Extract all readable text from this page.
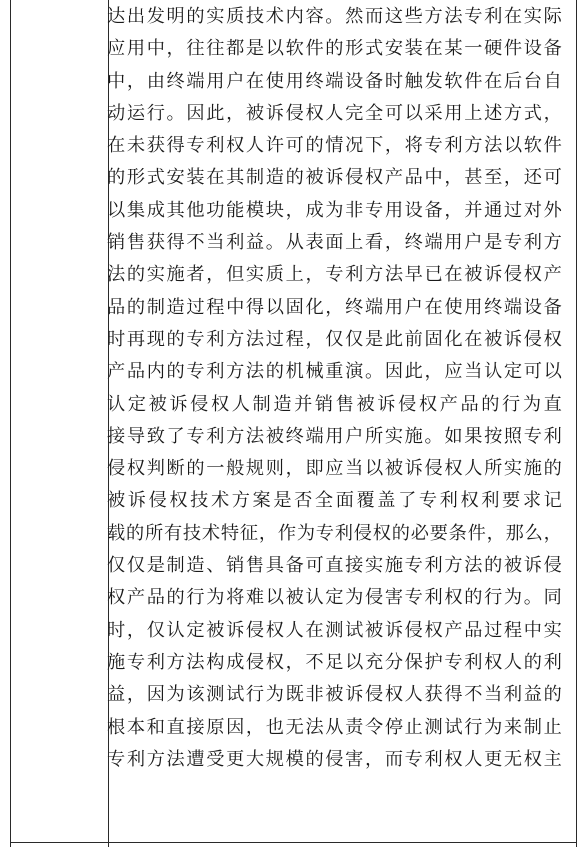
达出发明的实质技术内容。然而这些方法专利在实际
应用中，往往都是以软件的形式安装在某一硬件设备
中，由终端用户在使用终端设备时触发软件在后台自
动运行。因此，被诉侵权人完全可以采用上述方式，
在未获得专利权人许可的情况下，将专利方法以软件
的形式安装在其制造的被诉侵权产品中，甚至，还可
以集成其他功能模块，成为非专用设备，并通过对外
销售获得不当利益。从表面上看，终端用户是专利方
法的实施者，但实质上，专利方法早已在被诉侵权产
品的制造过程中得以固化，终端用户在使用终端设备
时再现的专利方法过程，仅仅是此前固化在被诉侵权
产品内的专利方法的机械重演。因此，应当认定可以
认定被诉侵权人制造并销售被诉侵权产品的行为直
接导致了专利方法被终端用户所实施。如果按照专利
侵权判断的一般规则，即应当以被诉侵权人所实施的
被诉侵权技术方案是否全面覆盖了专利权利要求记
载的所有技术特征，作为专利侵权的必要条件，那么，
仅仅是制造、销售具备可直接实施专利方法的被诉侵
权产品的行为将难以被认定为侵害专利权的行为。同
时，仅认定被诉侵权人在测试被诉侵权产品过程中实
施专利方法构成侵权，不足以充分保护专利权人的利
益，因为该测试行为既非被诉侵权人获得不当利益的
根本和直接原因，也无法从责令停止测试行为来制止
专利方法遭受更大规模的侵害，而专利权人更无权主
